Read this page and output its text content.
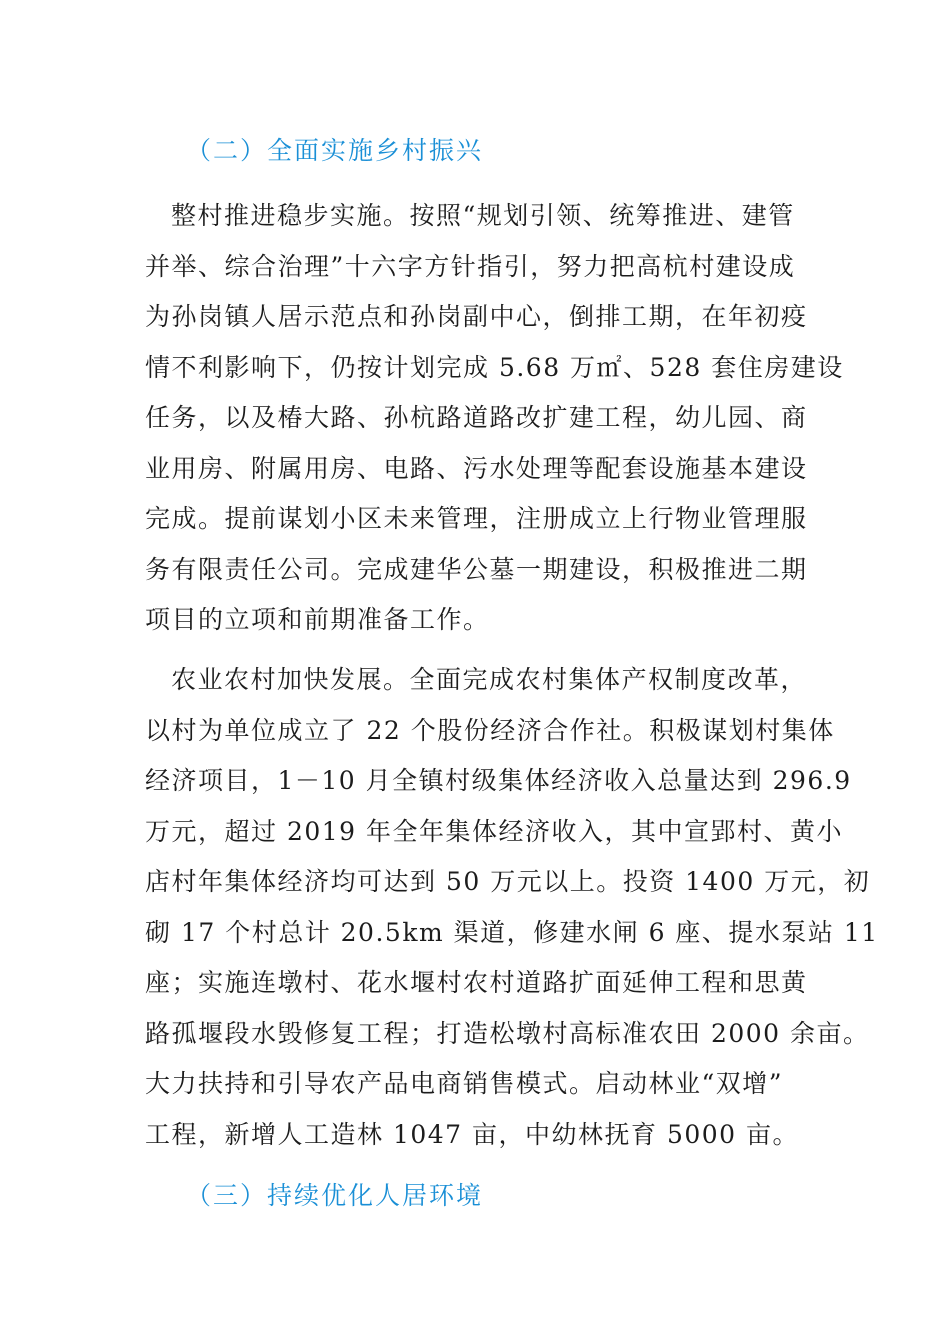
（二）全面实施乡村振兴
整村推进稳步实施。按照“规划引领、统筹推进、建管
并举、综合治理”十六字方针指引，努力把高杭村建设成
为孙岗镇人居示范点和孙岗副中心，倒排工期，在年初疫
情不利影响下，仍按计划完成 5.68 万㎡、528 套住房建设
任务，以及椿大路、孙杭路道路改扩建工程，幼儿园、商
业用房、附属用房、电路、污水处理等配套设施基本建设
完成。提前谋划小区未来管理，注册成立上行物业管理服
务有限责任公司。完成建华公墓一期建设，积极推进二期
项目的立项和前期准备工作。
农业农村加快发展。全面完成农村集体产权制度改革，
以村为单位成立了 22 个股份经济合作社。积极谋划村集体
经济项目，1－10 月全镇村级集体经济收入总量达到 296.9
万元，超过 2019 年全年集体经济收入，其中宣郢村、黄小
店村年集体经济均可达到 50 万元以上。投资 1400 万元，初
砌 17 个村总计 20.5km 渠道，修建水闸 6 座、提水泵站 11
座；实施连墩村、花水堰村农村道路扩面延伸工程和思黄
路孤堰段水毁修复工程；打造松墩村高标准农田 2000 余亩。
大力扶持和引导农产品电商销售模式。启动林业“双增”
工程，新增人工造林 1047 亩，中幼林抚育 5000 亩。
（三）持续优化人居环境
